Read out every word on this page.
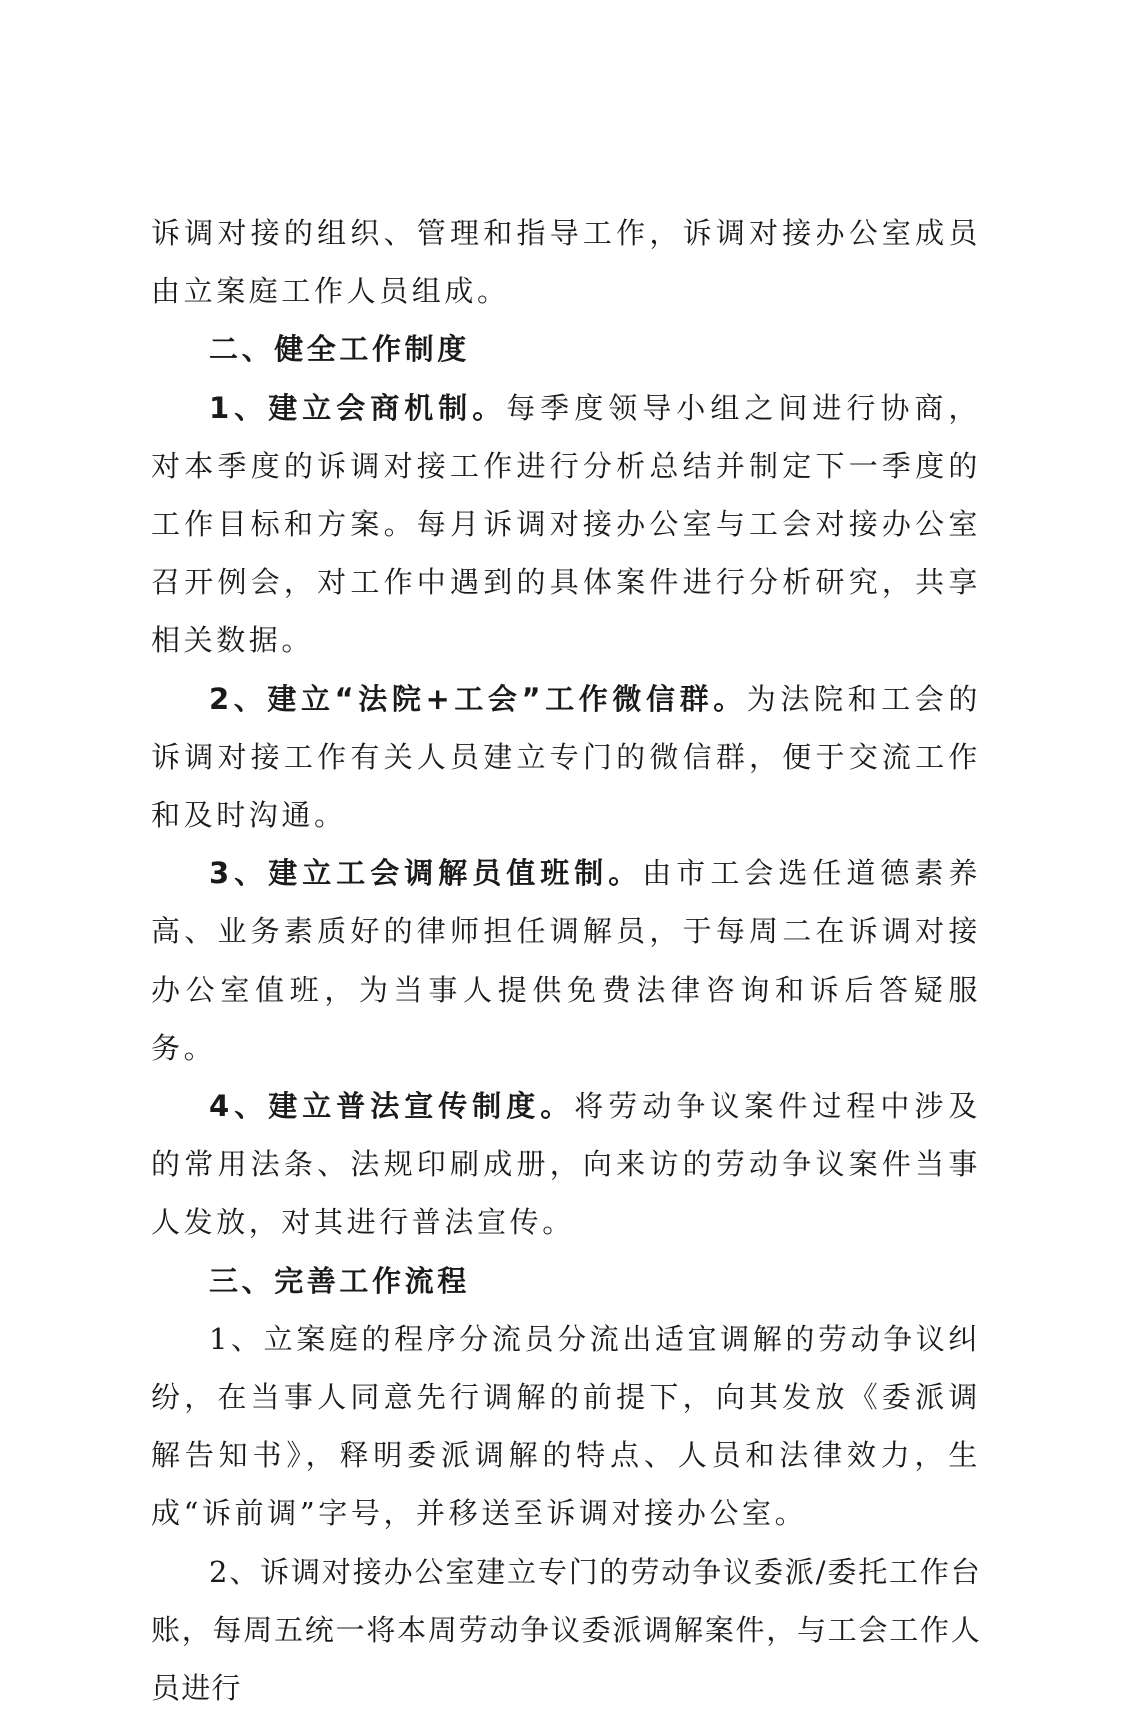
诉调对接的组织、管理和指导工作，诉调对接办公室成员由立案庭工作人员组成。

二、健全工作制度

1、建立会商机制。每季度领导小组之间进行协商，对本季度的诉调对接工作进行分析总结并制定下一季度的工作目标和方案。每月诉调对接办公室与工会对接办公室召开例会，对工作中遇到的具体案件进行分析研究，共享相关数据。

2、建立“法院+工会”工作微信群。为法院和工会的诉调对接工作有关人员建立专门的微信群，便于交流工作和及时沟通。

3、建立工会调解员值班制。由市工会选任道德素养高、业务素质好的律师担任调解员，于每周二在诉调对接办公室值班，为当事人提供免费法律咨询和诉后答疑服务。

4、建立普法宣传制度。将劳动争议案件过程中涉及的常用法条、法规印刷成册，向来访的劳动争议案件当事人发放，对其进行普法宣传。

三、完善工作流程

1、立案庭的程序分流员分流出适宜调解的劳动争议纠纷，在当事人同意先行调解的前提下，向其发放《委派调解告知书》，释明委派调解的特点、人员和法律效力，生成“诉前调”字号，并移送至诉调对接办公室。

2、诉调对接办公室建立专门的劳动争议委派/委托工作台账，每周五统一将本周劳动争议委派调解案件，与工会工作人员进行
